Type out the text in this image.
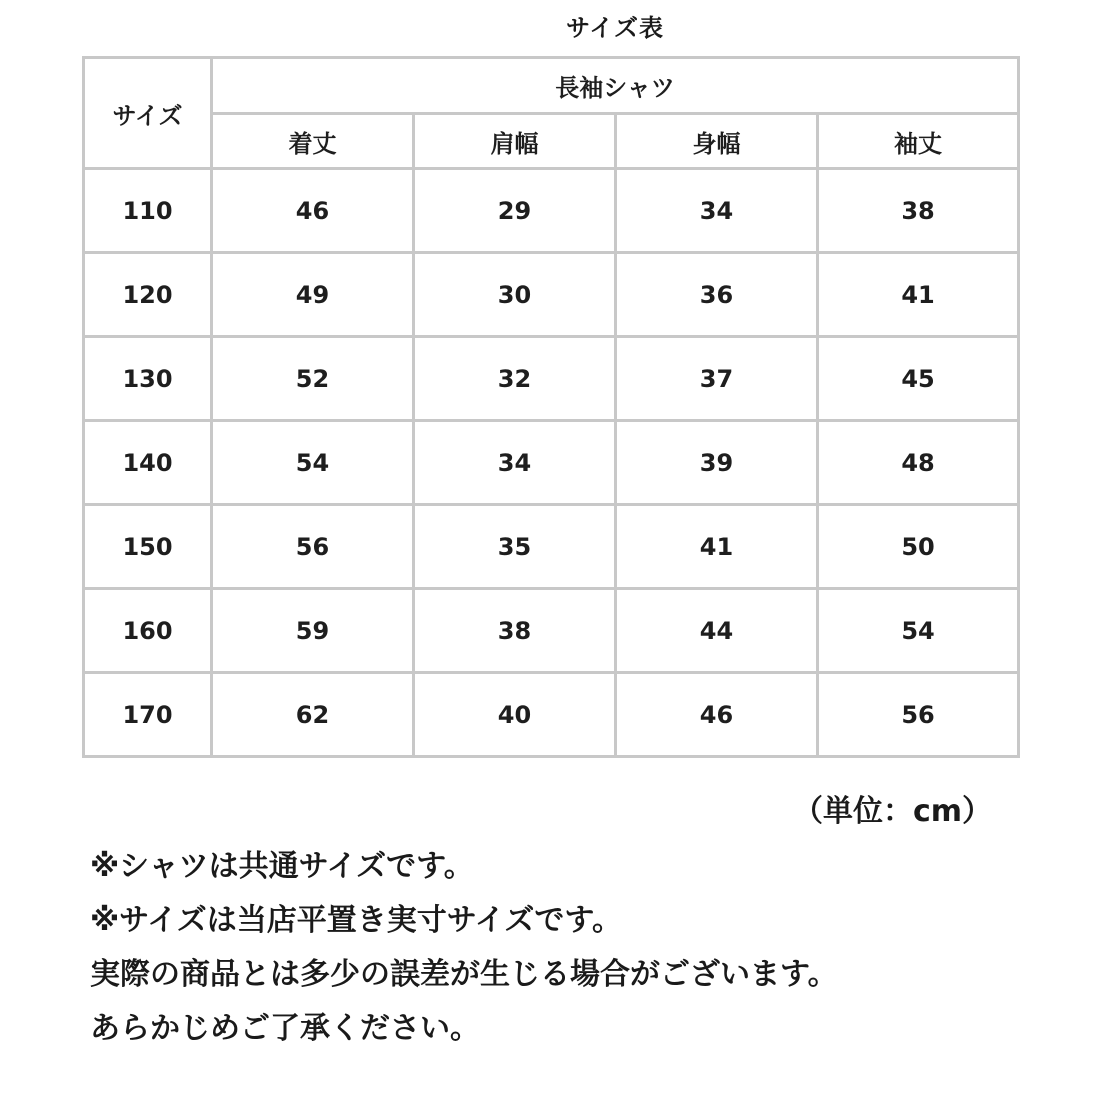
サイズ表
サイズ	長袖シャツ			
	着丈	肩幅	身幅	袖丈
110	46	29	34	38
120	49	30	36	41
130	52	32	37	45
140	54	34	39	48
150	56	35	41	50
160	59	38	44	54
170	62	40	46	56
（単位：cm）
※シャツは共通サイズです。
※サイズは当店平置き実寸サイズです。
実際の商品とは多少の誤差が生じる場合がございます。
あらかじめご了承ください。
